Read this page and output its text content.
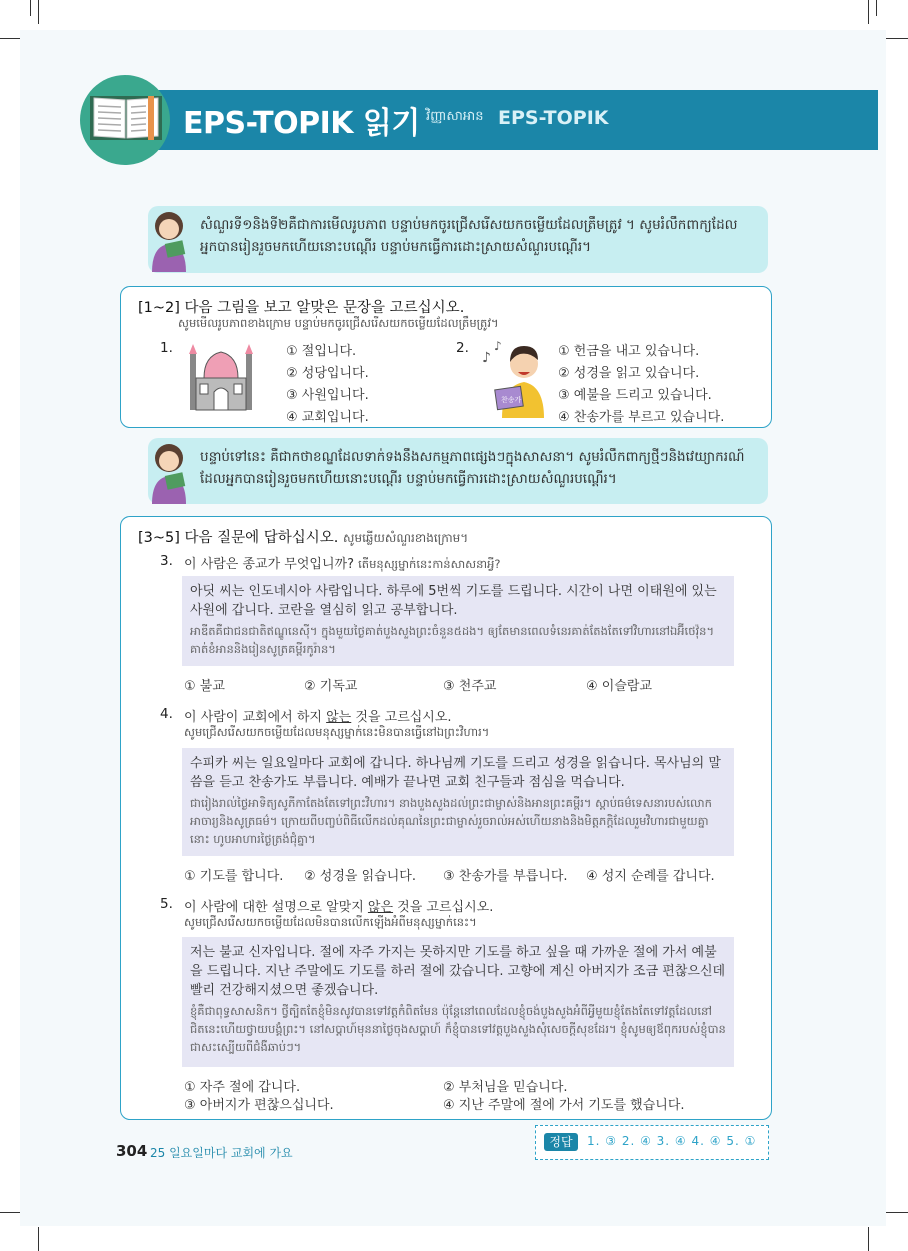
EPS-TOPIK 읽기 វិញ្ញាសាអាន EPS-TOPIK
សំណួរទី១និងទី២គឺជាការមើលរូបភាព បន្ទាប់មកចូរជ្រើសរើសយកចម្លើយដែលត្រឹមត្រូវ ។ សូមរំលឹកពាក្យដែលអ្នកបានរៀនរួចមកហើយនោះបណ្ដើរ បន្ទាប់មកធ្វើការដោះស្រាយសំណួរបណ្ដើរ។
[1~2] 다음 그림을 보고 알맞은 문장을 고르십시오.
សូមមើលរូបភាពខាងក្រោម បន្ទាប់មកចូរជ្រើសរើសយកចម្លើយដែលត្រឹមត្រូវ។
1.	① 절입니다.
② 성당입니다.
③ 사원입니다.
④ 교회입니다.
2.
♪
♪
찬송가
① 헌금을 내고 있습니다.
② 성경을 읽고 있습니다.
③ 예불을 드리고 있습니다.
④ 찬송가를 부르고 있습니다.
បន្ទាប់ទៅនេះ គឺជាកថាខណ្ឌដែលទាក់ទងនឹងសកម្មភាពផ្សេងៗក្នុងសាសនា។ សូមរំលឹកពាក្យថ្មីៗនិងវេយ្យាករណ៍ដែលអ្នកបានរៀនរួចមកហើយនោះបណ្ដើរ បន្ទាប់មកធ្វើការដោះស្រាយសំណួរបណ្ដើរ។
[3~5] 다음 질문에 답하십시오. សូមឆ្លើយសំណួរខាងក្រោម។
3. 이 사람은 종교가 무엇입니까? តើមនុស្សម្នាក់នេះកាន់សាសនាអ្វី?
아딧 씨는 인도네시아 사람입니다. 하루에 5번씩 기도를 드립니다. 시간이 나면 이태원에 있는 사원에 갑니다. 코란을 열심히 읽고 공부합니다.
អាឌីតគឺជាជនជាតិឥណ្ឌូនេស៊ី។ ក្នុងមួយថ្ងៃគាត់បួងសួងព្រះចំនួន៥ដង។ ឲ្យតែមានពេលទំនេរគាត់តែងតែទៅវិហារនៅឯអ៊ីថេវ៉ុន។ គាត់ខំអាននិងរៀនសូត្រគម្ពីរកូរ៉ាន។
① 불교	② 기독교	③ 천주교	④ 이슬람교
4. 이 사람이 교회에서 하지 않는 것을 고르십시오.
សូមជ្រើសរើសយកចម្លើយដែលមនុស្សម្នាក់នេះមិនបានធ្វើនៅឯព្រះវិហារ។
수피카 씨는 일요일마다 교회에 갑니다. 하나님께 기도를 드리고 성경을 읽습니다. 목사님의 말씀을 듣고 찬송가도 부릅니다. 예배가 끝나면 교회 친구들과 점심을 먹습니다.
ជារៀងរាល់ថ្ងៃអាទិត្យសូភីកាតែងតែទៅព្រះវិហារ។ នាងបួងសួងដល់ព្រះជាម្ចាស់និងអានព្រះគម្ពីរ។ ស្ដាប់ធម៌ទេសនារបស់លោកអាចារ្យនិងសូត្រធម៌។ ក្រោយពីបញ្ចប់ពិធីលើកដល់គុណនៃព្រះជាម្ចាស់រួចរាល់អស់ហើយនាងនិងមិត្តភក្ដិដែលរួមវិហារជាមួយគ្នានោះ ហូបអាហារថ្ងៃត្រង់ជុំគ្នា។
① 기도를 합니다. ② 성경을 읽습니다. ③ 찬송가를 부릅니다. ④ 성지 순례를 갑니다.
5. 이 사람에 대한 설명으로 알맞지 않은 것을 고르십시오.
សូមជ្រើសរើសយកចម្លើយដែលមិនបានលើកឡើងអំពីមនុស្សម្នាក់នេះ។
저는 불교 신자입니다. 절에 자주 가지는 못하지만 기도를 하고 싶을 때 가까운 절에 가서 예불을 드립니다. 지난 주말에도 기도를 하러 절에 갔습니다. 고향에 계신 아버지가 조금 편찮으신데 빨리 건강해지셨으면 좋겠습니다.
ខ្ញុំគឺជាពុទ្ធសាសនិក។ ថ្វីត្បិតតែខ្ញុំមិនសូវបានទៅវត្តកំពិតមែន ប៉ុន្តែនៅពេលដែលខ្ញុំចង់បួងសួងអំពីអ្វីមួយខ្ញុំតែងតែទៅវត្តដែលនៅជិតនេះហើយថ្វាយបង្គំព្រះ។ នៅសប្ដាហ៍មុននាថ្ងៃចុងសប្ដាហ៍ ក៏ខ្ញុំបានទៅវត្តបួងសួងសុំសេចក្ដីសុខដែរ។ ខ្ញុំសូមឲ្យឪពុករបស់ខ្ញុំបានជាសះស្បើយពីជំងឺឆាប់ៗ។
① 자주 절에 갑니다.	② 부처님을 믿습니다.
③ 아버지가 편찮으십니다.	④ 지난 주말에 절에 가서 기도를 했습니다.
304 25 일요일마다 교회에 가요
정답	1. ③ 2. ④ 3. ④ 4. ④ 5. ①
